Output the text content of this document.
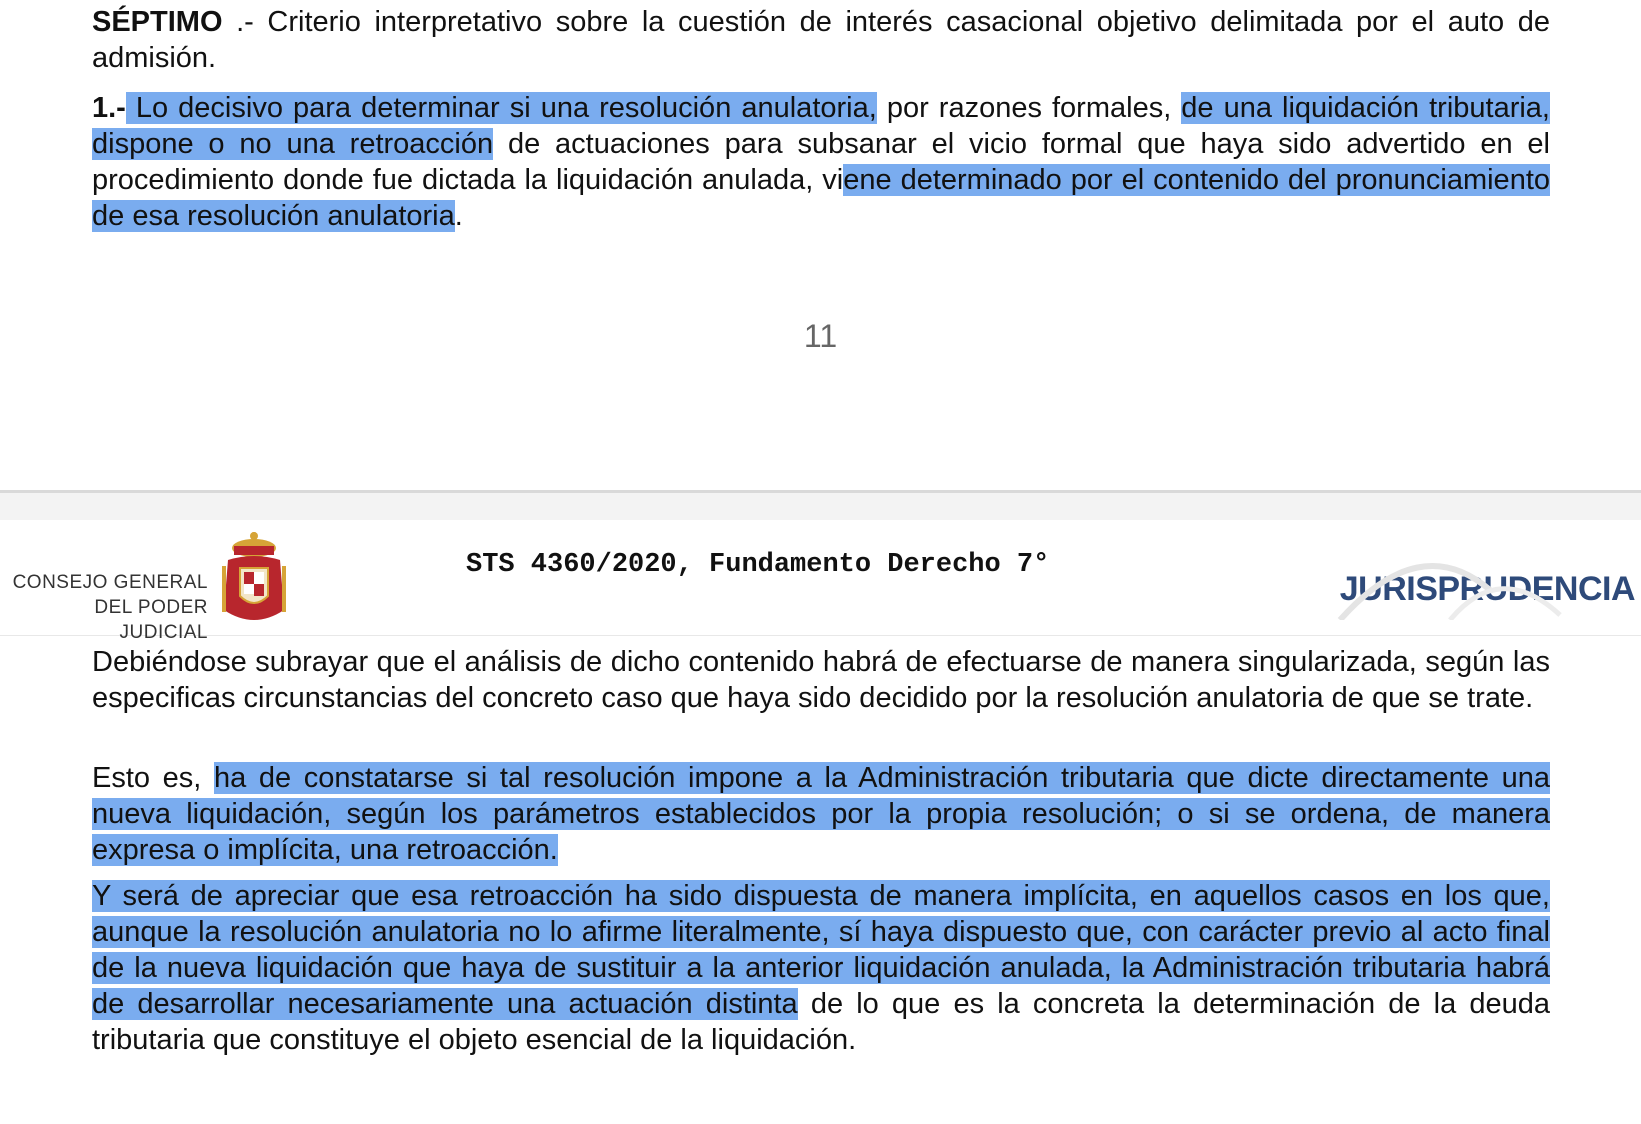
SÉPTIMO .- Criterio interpretativo sobre la cuestión de interés casacional objetivo delimitada por el auto de admisión.

1.- Lo decisivo para determinar si una resolución anulatoria, por razones formales, de una liquidación tributaria, dispone o no una retroacción de actuaciones para subsanar el vicio formal que haya sido advertido en el procedimiento donde fue dictada la liquidación anulada, viene determinado por el contenido del pronunciamiento de esa resolución anulatoria.

11
CONSEJO GENERAL
DEL PODER JUDICIAL
STS 4360/2020, Fundamento Derecho 7°
JURISPRUDENCIA

Debiéndose subrayar que el análisis de dicho contenido habrá de efectuarse de manera singularizada, según las especificas circunstancias del concreto caso que haya sido decidido por la resolución anulatoria de que se trate.

Esto es, ha de constatarse si tal resolución impone a la Administración tributaria que dicte directamente una nueva liquidación, según los parámetros establecidos por la propia resolución; o si se ordena, de manera expresa o implícita, una retroacción.

Y será de apreciar que esa retroacción ha sido dispuesta de manera implícita, en aquellos casos en los que, aunque la resolución anulatoria no lo afirme literalmente, sí haya dispuesto que, con carácter previo al acto final de la nueva liquidación que haya de sustituir a la anterior liquidación anulada, la Administración tributaria habrá de desarrollar necesariamente una actuación distinta de lo que es la concreta la determinación de la deuda tributaria que constituye el objeto esencial de la liquidación.
